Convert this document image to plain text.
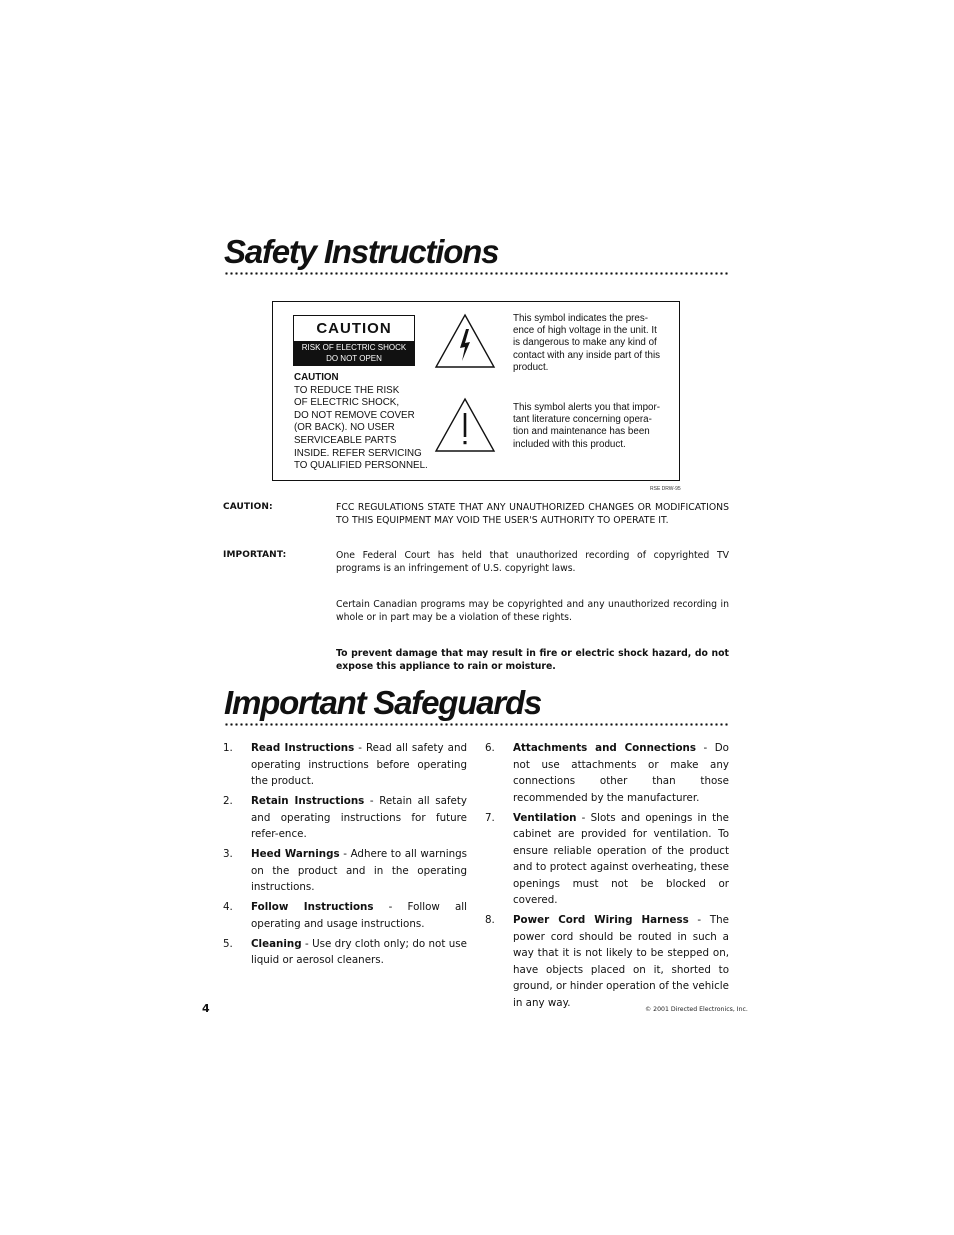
Safety Instructions
CAUTION
RISK OF ELECTRIC SHOCK
DO NOT OPEN
CAUTION
TO REDUCE THE RISK
OF ELECTRIC SHOCK,
DO NOT REMOVE COVER
(OR BACK). NO USER
SERVICEABLE PARTS
INSIDE. REFER SERVICING
TO QUALIFIED PERSONNEL.
This symbol indicates the pres-
ence of high voltage in the unit. It
is dangerous to make any kind of
contact with any inside part of this
product.
This symbol alerts you that impor-
tant literature concerning opera-
tion and maintenance has been
included with this product.
RSE DRW-95
CAUTION:	FCC REGULATIONS STATE THAT ANY UNAUTHORIZED CHANGES OR MODIFICATIONS TO THIS EQUIPMENT MAY VOID THE USER'S AUTHORITY TO OPERATE IT.
IMPORTANT:	One Federal Court has held that unauthorized recording of copyrighted TV programs is an infringement of U.S. copyright laws.
Certain Canadian programs may be copyrighted and any unauthorized recording in whole or in part may be a violation of these rights.
To prevent damage that may result in fire or electric shock hazard, do not expose this appliance to rain or moisture.
Important Safeguards
1. Read Instructions - Read all safety and operating instructions before operating the product.
2. Retain Instructions - Retain all safety and operating instructions for future refer-ence.
3. Heed Warnings - Adhere to all warnings on the product and in the operating instructions.
4. Follow Instructions - Follow all operating and usage instructions.
5. Cleaning - Use dry cloth only; do not use liquid or aerosol cleaners.
6. Attachments and Connections - Do not use attachments or make any connections other than those recommended by the manufacturer.
7. Ventilation - Slots and openings in the cabinet are provided for ventilation. To ensure reliable operation of the product and to protect against overheating, these openings must not be blocked or covered.
8. Power Cord Wiring Harness - The power cord should be routed in such a way that it is not likely to be stepped on, have objects placed on it, shorted to ground, or hinder operation of the vehicle in any way.
4	© 2001 Directed Electronics, Inc.
